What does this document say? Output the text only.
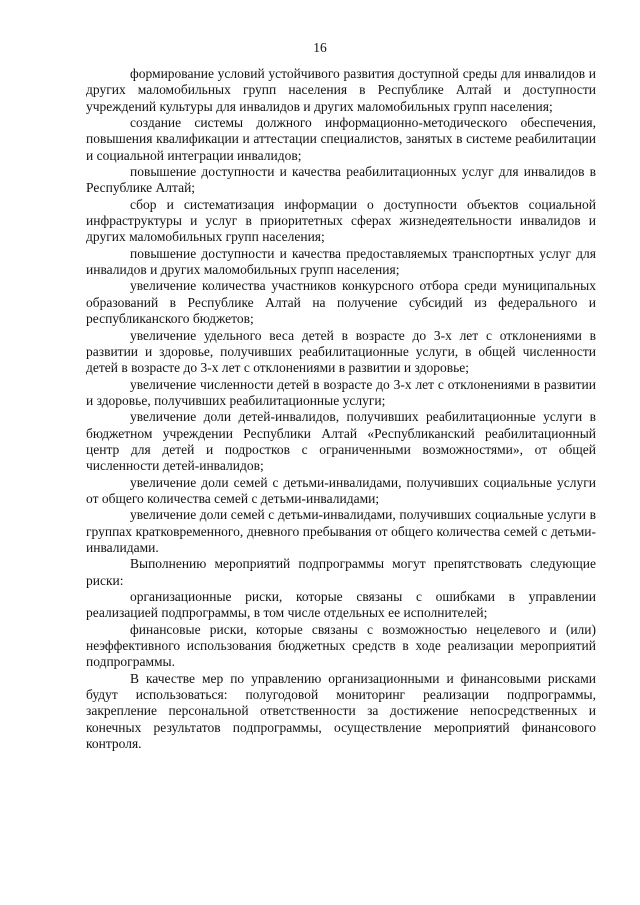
16

формирование условий устойчивого развития доступной среды для инвалидов и других маломобильных групп населения в Республике Алтай и доступности учреждений культуры для инвалидов и других маломобильных групп населения;

создание системы должного информационно-методического обеспечения, повышения квалификации и аттестации специалистов, занятых в системе реабилитации и социальной интеграции инвалидов;

повышение доступности и качества реабилитационных услуг для инвалидов в Республике Алтай;

сбор и систематизация информации о доступности объектов социальной инфраструктуры и услуг в приоритетных сферах жизнедеятельности инвалидов и других маломобильных групп населения;

повышение доступности и качества предоставляемых транспортных услуг для инвалидов и других маломобильных групп населения;

увеличение количества участников конкурсного отбора среди муниципальных образований в Республике Алтай на получение субсидий из федерального и республиканского бюджетов;

увеличение удельного веса детей в возрасте до 3-х лет с отклонениями в развитии и здоровье, получивших реабилитационные услуги, в общей численности детей в возрасте до 3-х лет с отклонениями в развитии и здоровье;

увеличение численности детей в возрасте до 3-х лет с отклонениями в развитии и здоровье, получивших реабилитационные услуги;

увеличение доли детей-инвалидов, получивших реабилитационные услуги в бюджетном учреждении Республики Алтай «Республиканский реабилитационный центр для детей и подростков с ограниченными возможностями», от общей численности детей-инвалидов;

увеличение доли семей с детьми-инвалидами, получивших социальные услуги от общего количества семей с детьми-инвалидами;

увеличение доли семей с детьми-инвалидами, получивших социальные услуги в группах кратковременного, дневного пребывания от общего количества семей с детьми-инвалидами.

Выполнению мероприятий подпрограммы могут препятствовать следующие риски:

организационные риски, которые связаны с ошибками в управлении реализацией подпрограммы, в том числе отдельных ее исполнителей;

финансовые риски, которые связаны с возможностью нецелевого и (или) неэффективного использования бюджетных средств в ходе реализации мероприятий подпрограммы.

В качестве мер по управлению организационными и финансовыми рисками будут использоваться: полугодовой мониторинг реализации подпрограммы, закрепление персональной ответственности за достижение непосредственных и конечных результатов подпрограммы, осуществление мероприятий финансового контроля.
